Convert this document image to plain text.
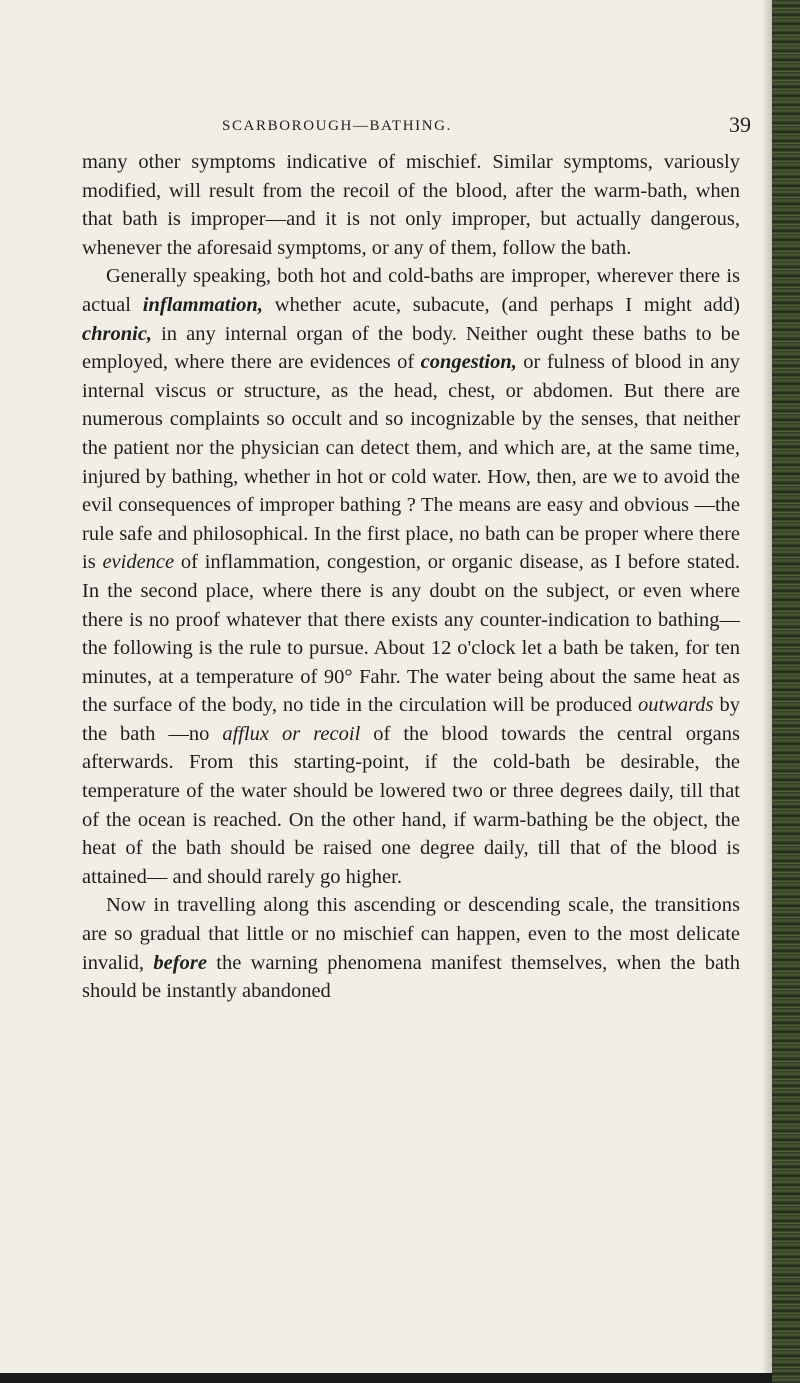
SCARBOROUGH—BATHING.	39

many other symptoms indicative of mischief. Similar symptoms, variously modified, will result from the recoil of the blood, after the warm-bath, when that bath is improper—and it is not only improper, but actually dangerous, whenever the aforesaid symptoms, or any of them, follow the bath.

Generally speaking, both hot and cold-baths are improper, wherever there is actual inflammation, whether acute, subacute, (and perhaps I might add) chronic, in any internal organ of the body. Neither ought these baths to be employed, where there are evidences of congestion, or fulness of blood in any internal viscus or structure, as the head, chest, or abdomen. But there are numerous complaints so occult and so incognizable by the senses, that neither the patient nor the physician can detect them, and which are, at the same time, injured by bathing, whether in hot or cold water. How, then, are we to avoid the evil consequences of improper bathing ? The means are easy and obvious —the rule safe and philosophical. In the first place, no bath can be proper where there is evidence of inflammation, congestion, or organic disease, as I before stated. In the second place, where there is any doubt on the subject, or even where there is no proof whatever that there exists any counter-indication to bathing—the following is the rule to pursue. About 12 o'clock let a bath be taken, for ten minutes, at a temperature of 90° Fahr. The water being about the same heat as the surface of the body, no tide in the circulation will be produced outwards by the bath —no afflux or recoil of the blood towards the central organs afterwards. From this starting-point, if the cold-bath be desirable, the temperature of the water should be lowered two or three degrees daily, till that of the ocean is reached. On the other hand, if warm-bathing be the object, the heat of the bath should be raised one degree daily, till that of the blood is attained— and should rarely go higher.

Now in travelling along this ascending or descending scale, the transitions are so gradual that little or no mischief can happen, even to the most delicate invalid, before the warning phenomena manifest themselves, when the bath should be instantly abandoned
